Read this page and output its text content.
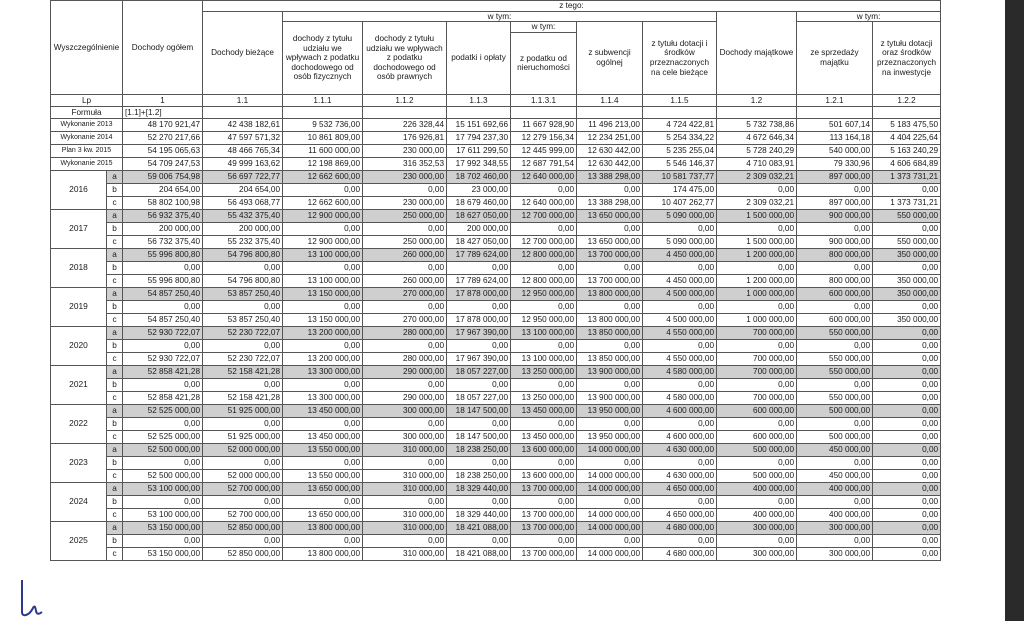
Wyszczególnienie		Dochody ogółem	z tego:									
			Dochody bieżące	w tym:						Dochody majątkowe	w tym:	
				dochody z tytułu udziału we wpływach z podatku dochodowego od osób fizycznych	dochody z tytułu udziału we wpływach z podatku dochodowego od osób prawnych	podatki i opłaty	w tym:	z subwencji ogólnej	z tytułu dotacji i środków przeznaczonych na cele bieżące		ze sprzedaży majątku	z tytułu dotacji oraz środków przeznaczonych na inwestycje
							z podatku od nieruchomości					
Lp		1	1.1	1.1.1	1.1.2	1.1.3	1.1.3.1	1.1.4	1.1.5	1.2	1.2.1	1.2.2
Formuła		[1.1]+[1.2]										
Wykonanie 2013		48 170 921,47	42 438 182,61	9 532 736,00	226 328,44	15 151 692,66	11 667 928,90	11 496 213,00	4 724 422,81	5 732 738,86	501 607,14	5 183 475,50
Wykonanie 2014		52 270 217,66	47 597 571,32	10 861 809,00	176 926,81	17 794 237,30	12 279 156,34	12 234 251,00	5 254 334,22	4 672 646,34	113 164,18	4 404 225,64
Plan 3 kw. 2015		54 195 065,63	48 466 765,34	11 600 000,00	230 000,00	17 611 299,50	12 445 999,00	12 630 442,00	5 235 255,04	5 728 240,29	540 000,00	5 163 240,29
Wykonanie 2015		54 709 247,53	49 999 163,62	12 198 869,00	316 352,53	17 992 348,55	12 687 791,54	12 630 442,00	5 546 146,37	4 710 083,91	79 330,96	4 606 684,89
2016	a	59 006 754,98	56 697 722,77	12 662 600,00	230 000,00	18 702 460,00	12 640 000,00	13 388 298,00	10 581 737,77	2 309 032,21	897 000,00	1 373 731,21
	b	204 654,00	204 654,00	0,00	0,00	23 000,00	0,00	0,00	174 475,00	0,00	0,00	0,00
	c	58 802 100,98	56 493 068,77	12 662 600,00	230 000,00	18 679 460,00	12 640 000,00	13 388 298,00	10 407 262,77	2 309 032,21	897 000,00	1 373 731,21
2017	a	56 932 375,40	55 432 375,40	12 900 000,00	250 000,00	18 627 050,00	12 700 000,00	13 650 000,00	5 090 000,00	1 500 000,00	900 000,00	550 000,00
	b	200 000,00	200 000,00	0,00	0,00	200 000,00	0,00	0,00	0,00	0,00	0,00	0,00
	c	56 732 375,40	55 232 375,40	12 900 000,00	250 000,00	18 427 050,00	12 700 000,00	13 650 000,00	5 090 000,00	1 500 000,00	900 000,00	550 000,00
2018	a	55 996 800,80	54 796 800,80	13 100 000,00	260 000,00	17 789 624,00	12 800 000,00	13 700 000,00	4 450 000,00	1 200 000,00	800 000,00	350 000,00
	b	0,00	0,00	0,00	0,00	0,00	0,00	0,00	0,00	0,00	0,00	0,00
	c	55 996 800,80	54 796 800,80	13 100 000,00	260 000,00	17 789 624,00	12 800 000,00	13 700 000,00	4 450 000,00	1 200 000,00	800 000,00	350 000,00
2019	a	54 857 250,40	53 857 250,40	13 150 000,00	270 000,00	17 878 000,00	12 950 000,00	13 800 000,00	4 500 000,00	1 000 000,00	600 000,00	350 000,00
	b	0,00	0,00	0,00	0,00	0,00	0,00	0,00	0,00	0,00	0,00	0,00
	c	54 857 250,40	53 857 250,40	13 150 000,00	270 000,00	17 878 000,00	12 950 000,00	13 800 000,00	4 500 000,00	1 000 000,00	600 000,00	350 000,00
2020	a	52 930 722,07	52 230 722,07	13 200 000,00	280 000,00	17 967 390,00	13 100 000,00	13 850 000,00	4 550 000,00	700 000,00	550 000,00	0,00
	b	0,00	0,00	0,00	0,00	0,00	0,00	0,00	0,00	0,00	0,00	0,00
	c	52 930 722,07	52 230 722,07	13 200 000,00	280 000,00	17 967 390,00	13 100 000,00	13 850 000,00	4 550 000,00	700 000,00	550 000,00	0,00
2021	a	52 858 421,28	52 158 421,28	13 300 000,00	290 000,00	18 057 227,00	13 250 000,00	13 900 000,00	4 580 000,00	700 000,00	550 000,00	0,00
	b	0,00	0,00	0,00	0,00	0,00	0,00	0,00	0,00	0,00	0,00	0,00
	c	52 858 421,28	52 158 421,28	13 300 000,00	290 000,00	18 057 227,00	13 250 000,00	13 900 000,00	4 580 000,00	700 000,00	550 000,00	0,00
2022	a	52 525 000,00	51 925 000,00	13 450 000,00	300 000,00	18 147 500,00	13 450 000,00	13 950 000,00	4 600 000,00	600 000,00	500 000,00	0,00
	b	0,00	0,00	0,00	0,00	0,00	0,00	0,00	0,00	0,00	0,00	0,00
	c	52 525 000,00	51 925 000,00	13 450 000,00	300 000,00	18 147 500,00	13 450 000,00	13 950 000,00	4 600 000,00	600 000,00	500 000,00	0,00
2023	a	52 500 000,00	52 000 000,00	13 550 000,00	310 000,00	18 238 250,00	13 600 000,00	14 000 000,00	4 630 000,00	500 000,00	450 000,00	0,00
	b	0,00	0,00	0,00	0,00	0,00	0,00	0,00	0,00	0,00	0,00	0,00
	c	52 500 000,00	52 000 000,00	13 550 000,00	310 000,00	18 238 250,00	13 600 000,00	14 000 000,00	4 630 000,00	500 000,00	450 000,00	0,00
2024	a	53 100 000,00	52 700 000,00	13 650 000,00	310 000,00	18 329 440,00	13 700 000,00	14 000 000,00	4 650 000,00	400 000,00	400 000,00	0,00
	b	0,00	0,00	0,00	0,00	0,00	0,00	0,00	0,00	0,00	0,00	0,00
	c	53 100 000,00	52 700 000,00	13 650 000,00	310 000,00	18 329 440,00	13 700 000,00	14 000 000,00	4 650 000,00	400 000,00	400 000,00	0,00
2025	a	53 150 000,00	52 850 000,00	13 800 000,00	310 000,00	18 421 088,00	13 700 000,00	14 000 000,00	4 680 000,00	300 000,00	300 000,00	0,00
	b	0,00	0,00	0,00	0,00	0,00	0,00	0,00	0,00	0,00	0,00	0,00
	c	53 150 000,00	52 850 000,00	13 800 000,00	310 000,00	18 421 088,00	13 700 000,00	14 000 000,00	4 680 000,00	300 000,00	300 000,00	0,00
